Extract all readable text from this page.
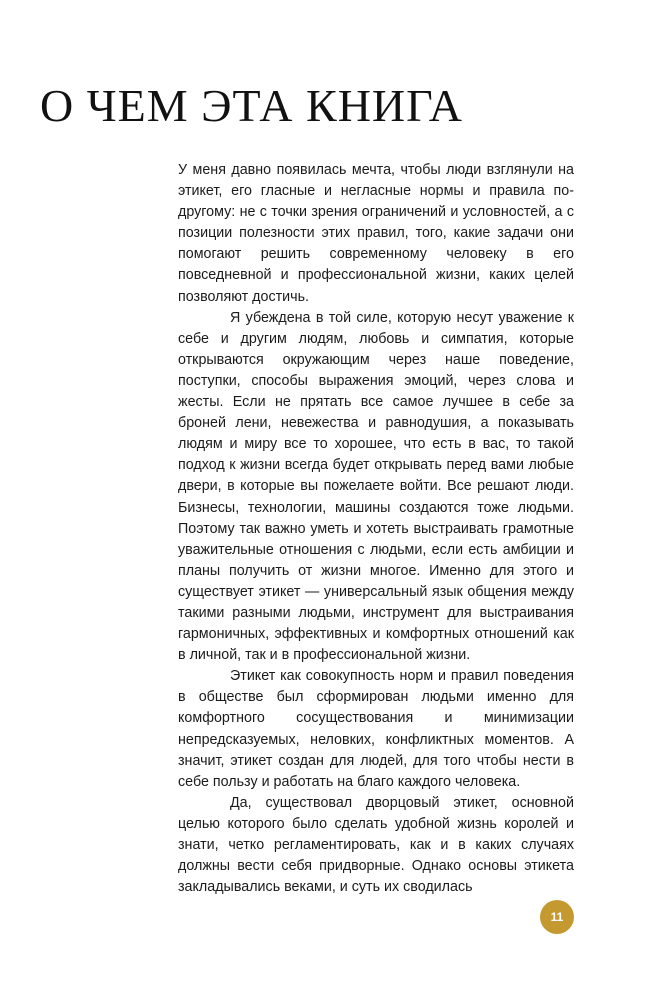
О ЧЕМ ЭТА КНИГА

У меня давно появилась мечта, чтобы люди взглянули на этикет, его гласные и негласные нормы и правила по-другому: не с точки зрения ограничений и условностей, а с позиции полезности этих правил, того, какие задачи они помогают решить современному человеку в его повседневной и профессиональной жизни, каких целей позволяют достичь.

Я убеждена в той силе, которую несут уважение к себе и другим людям, любовь и симпатия, которые открываются окружающим через наше поведение, поступки, способы выражения эмоций, через слова и жесты. Если не прятать все самое лучшее в себе за броней лени, невежества и равнодушия, а показывать людям и миру все то хорошее, что есть в вас, то такой подход к жизни всегда будет открывать перед вами любые двери, в которые вы пожелаете войти. Все решают люди. Бизнесы, технологии, машины создаются тоже людьми. Поэтому так важно уметь и хотеть выстраивать грамотные уважительные отношения с людьми, если есть амбиции и планы получить от жизни многое. Именно для этого и существует этикет — универсальный язык общения между такими разными людьми, инструмент для выстраивания гармоничных, эффективных и комфортных отношений как в личной, так и в профессиональной жизни.

Этикет как совокупность норм и правил поведения в обществе был сформирован людьми именно для комфортного сосуществования и минимизации непредсказуемых, неловких, конфликтных моментов. А значит, этикет создан для людей, для того чтобы нести в себе пользу и работать на благо каждого человека.

Да, существовал дворцовый этикет, основной целью которого было сделать удобной жизнь королей и знати, четко регламентировать, как и в каких случаях должны вести себя придворные. Однако основы этикета закладывались веками, и суть их сводилась

11
